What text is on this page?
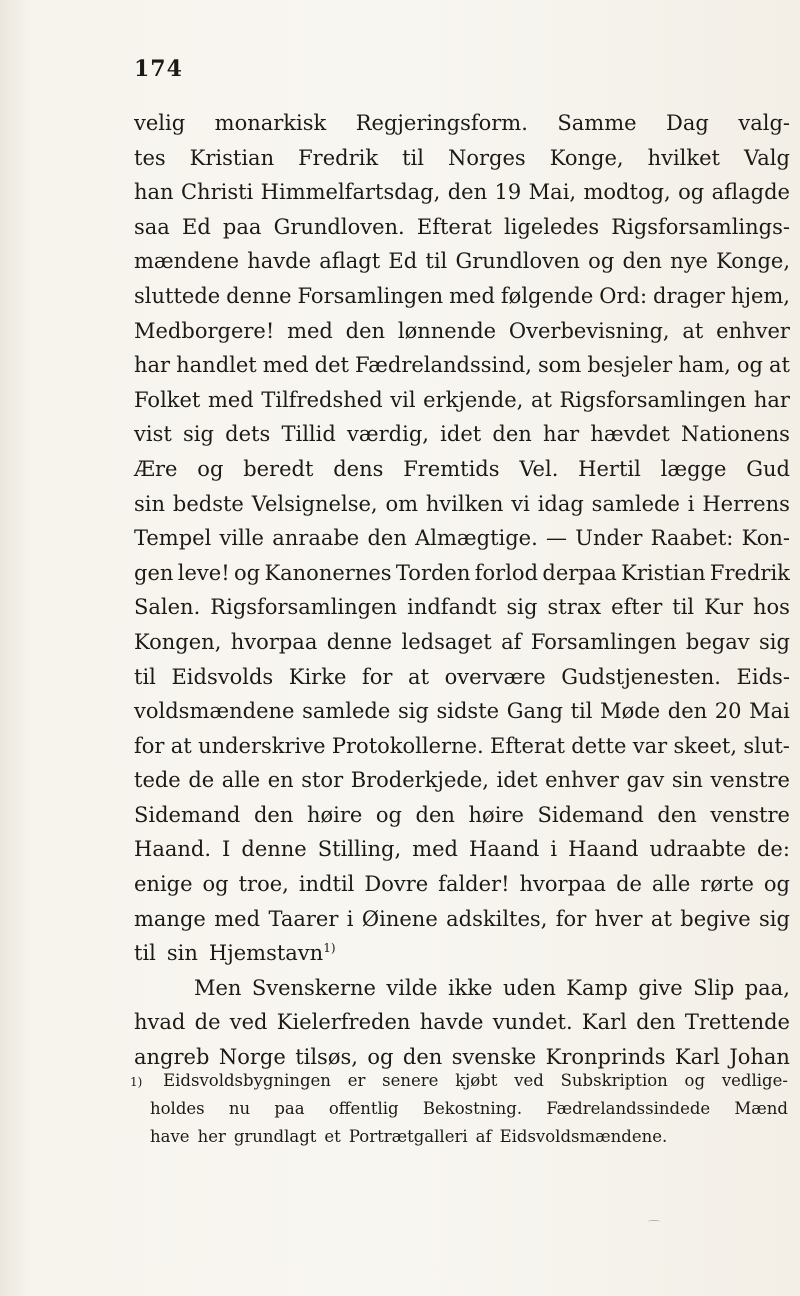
174
velig monarkisk Regjeringsform. Samme Dag valg-
tes Kristian Fredrik til Norges Konge, hvilket Valg
han Christi Himmelfartsdag, den 19 Mai, modtog, og aflagde
saa Ed paa Grundloven. Efterat ligeledes Rigsforsamlings-
mændene havde aflagt Ed til Grundloven og den nye Konge,
sluttede denne Forsamlingen med følgende Ord: drager hjem,
Medborgere! med den lønnende Overbevisning, at enhver
har handlet med det Fædrelandssind, som besjeler ham, og at
Folket med Tilfredshed vil erkjende, at Rigsforsamlingen har
vist sig dets Tillid værdig, idet den har hævdet Nationens
Ære og beredt dens Fremtids Vel. Hertil lægge Gud
sin bedste Velsignelse, om hvilken vi idag samlede i Herrens
Tempel ville anraabe den Almægtige. — Under Raabet: Kon-
gen leve! og Kanonernes Torden forlod derpaa Kristian Fredrik
Salen. Rigsforsamlingen indfandt sig strax efter til Kur hos
Kongen, hvorpaa denne ledsaget af Forsamlingen begav sig
til Eidsvolds Kirke for at overvære Gudstjenesten. Eids-
voldsmændene samlede sig sidste Gang til Møde den 20 Mai
for at underskrive Protokollerne. Efterat dette var skeet, slut-
tede de alle en stor Broderkjede, idet enhver gav sin venstre
Sidemand den høire og den høire Sidemand den venstre
Haand. I denne Stilling, med Haand i Haand udraabte de:
enige og troe, indtil Dovre falder! hvorpaa de alle rørte og
mange med Taarer i Øinene adskiltes, for hver at begive sig
til sin Hjemstavn$^{1)}$
Men Svenskerne vilde ikke uden Kamp give Slip paa,
hvad de ved Kielerfreden havde vundet. Karl den Trettende
angreb Norge tilsøs, og den svenske Kronprinds Karl Johan
1) Eidsvoldsbygningen er senere kjøbt ved Subskription og vedlige-
holdes nu paa offentlig Bekostning. Fædrelandssindede Mænd
have her grundlagt et Portrætgalleri af Eidsvoldsmændene.
